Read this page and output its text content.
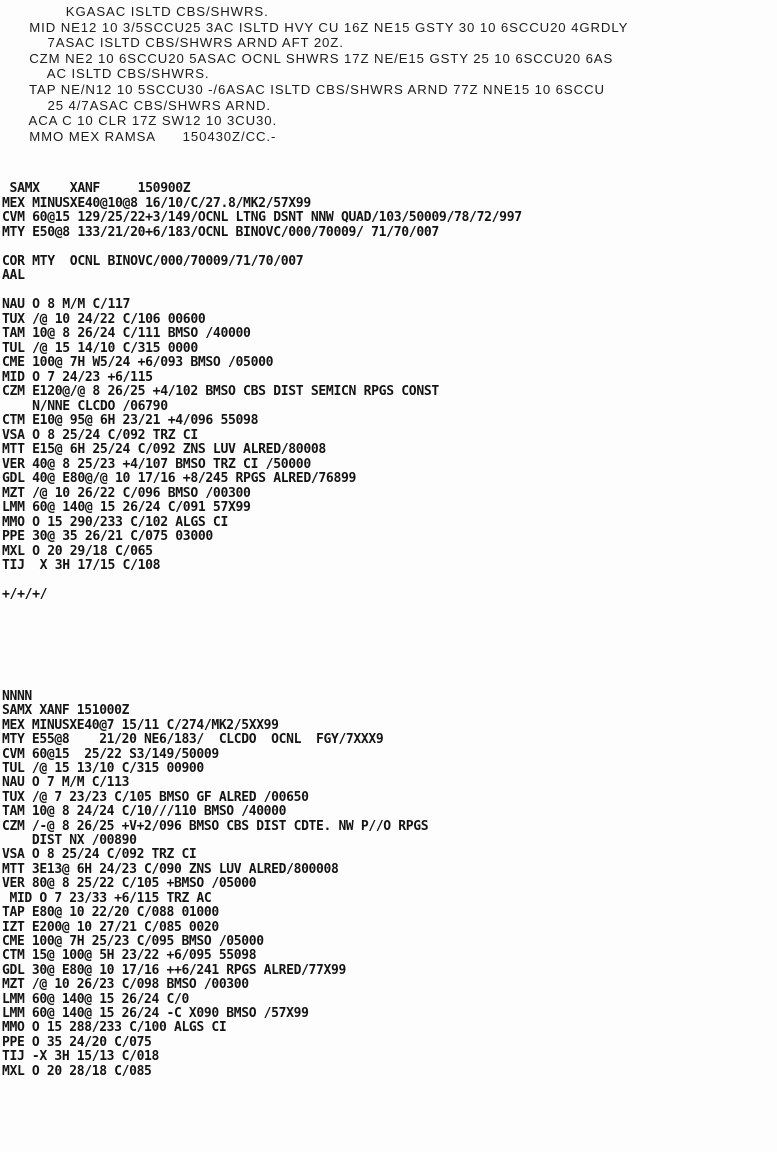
KGASAC ISLTD CBS/SHWRS.
MID NE12 10 3/5SCCU25 3AC ISLTD HVY CU 16Z NE15 GSTY 30 10 6SCCU20 4GRDLY
7ASAC ISLTD CBS/SHWRS ARND AFT 20Z.
CZM NE2 10 6SCCU20 5ASAC OCNL SHWRS 17Z NE/E15 GSTY 25 10 6SCCU20 6AS
AC ISLTD CBS/SHWRS.
TAP NE/N12 10 5SCCU30 -/6ASAC ISLTD CBS/SHWRS ARND 77Z NNE15 10 6SCCU
25 4/7ASAC CBS/SHWRS ARND.
ACA C 10 CLR 17Z SW12 10 3CU30.
MMO MEX RAMSA      150430Z/CC.-
SAMX    XANF     150900Z
MEX MINUSXE40@10@8 16/10/C/27.8/MK2/57X99
CVM 60@15 129/25/22+3/149/OCNL LTNG DSNT NNW QUAD/103/50009/78/72/997
MTY E50@8 133/21/20+6/183/OCNL BINOVC/000/70009/ 71/70/007

COR MTY  OCNL BINOVC/000/70009/71/70/007
AAL

NAU O 8 M/M C/117
TUX /@ 10 24/22 C/106 00600
TAM 10@ 8 26/24 C/111 BMSO /40000
TUL /@ 15 14/10 C/315 0000
CME 100@ 7H W5/24 +6/093 BMSO /05000
MID O 7 24/23 +6/115
CZM E120@/@ 8 26/25 +4/102 BMSO CBS DIST SEMICN RPGS CONST
N/NNE CLCDO /06790
CTM E10@ 95@ 6H 23/21 +4/096 55098
VSA O 8 25/24 C/092 TRZ CI
MTT E15@ 6H 25/24 C/092 ZNS LUV ALRED/80008
VER 40@ 8 25/23 +4/107 BMSO TRZ CI /50000
GDL 40@ E80@/@ 10 17/16 +8/245 RPGS ALRED/76899
MZT /@ 10 26/22 C/096 BMSO /00300
LMM 60@ 140@ 15 26/24 C/091 57X99
MMO O 15 290/233 C/102 ALGS CI
PPE 30@ 35 26/21 C/075 03000
MXL O 20 29/18 C/065
TIJ  X 3H 17/15 C/108

+/+/+/
NNNN
SAMX XANF 151000Z
MEX MINUSXE40@7 15/11 C/274/MK2/5XX99
MTY E55@8    21/20 NE6/183/  CLCDO  OCNL  FGY/7XXX9
CVM 60@15  25/22 S3/149/50009
TUL /@ 15 13/10 C/315 00900
NAU O 7 M/M C/113
TUX /@ 7 23/23 C/105 BMSO GF ALRED /00650
TAM 10@ 8 24/24 C/10///110 BMSO /40000
CZM /-@ 8 26/25 +V+2/096 BMSO CBS DIST CDTE. NW P//O RPGS
DIST NX /00890
VSA O 8 25/24 C/092 TRZ CI
MTT 3E13@ 6H 24/23 C/090 ZNS LUV ALRED/800008
VER 80@ 8 25/22 C/105 +BMSO /05000
MID O 7 23/33 +6/115 TRZ AC
TAP E80@ 10 22/20 C/088 01000
IZT E200@ 10 27/21 C/085 0020
CME 100@ 7H 25/23 C/095 BMSO /05000
CTM 15@ 100@ 5H 23/22 +6/095 55098
GDL 30@ E80@ 10 17/16 ++6/241 RPGS ALRED/77X99
MZT /@ 10 26/23 C/098 BMSO /00300
LMM 60@ 140@ 15 26/24 C/0
LMM 60@ 140@ 15 26/24 -C X090 BMSO /57X99
MMO O 15 288/233 C/100 ALGS CI
PPE O 35 24/20 C/075
TIJ -X 3H 15/13 C/018
MXL O 20 28/18 C/085
